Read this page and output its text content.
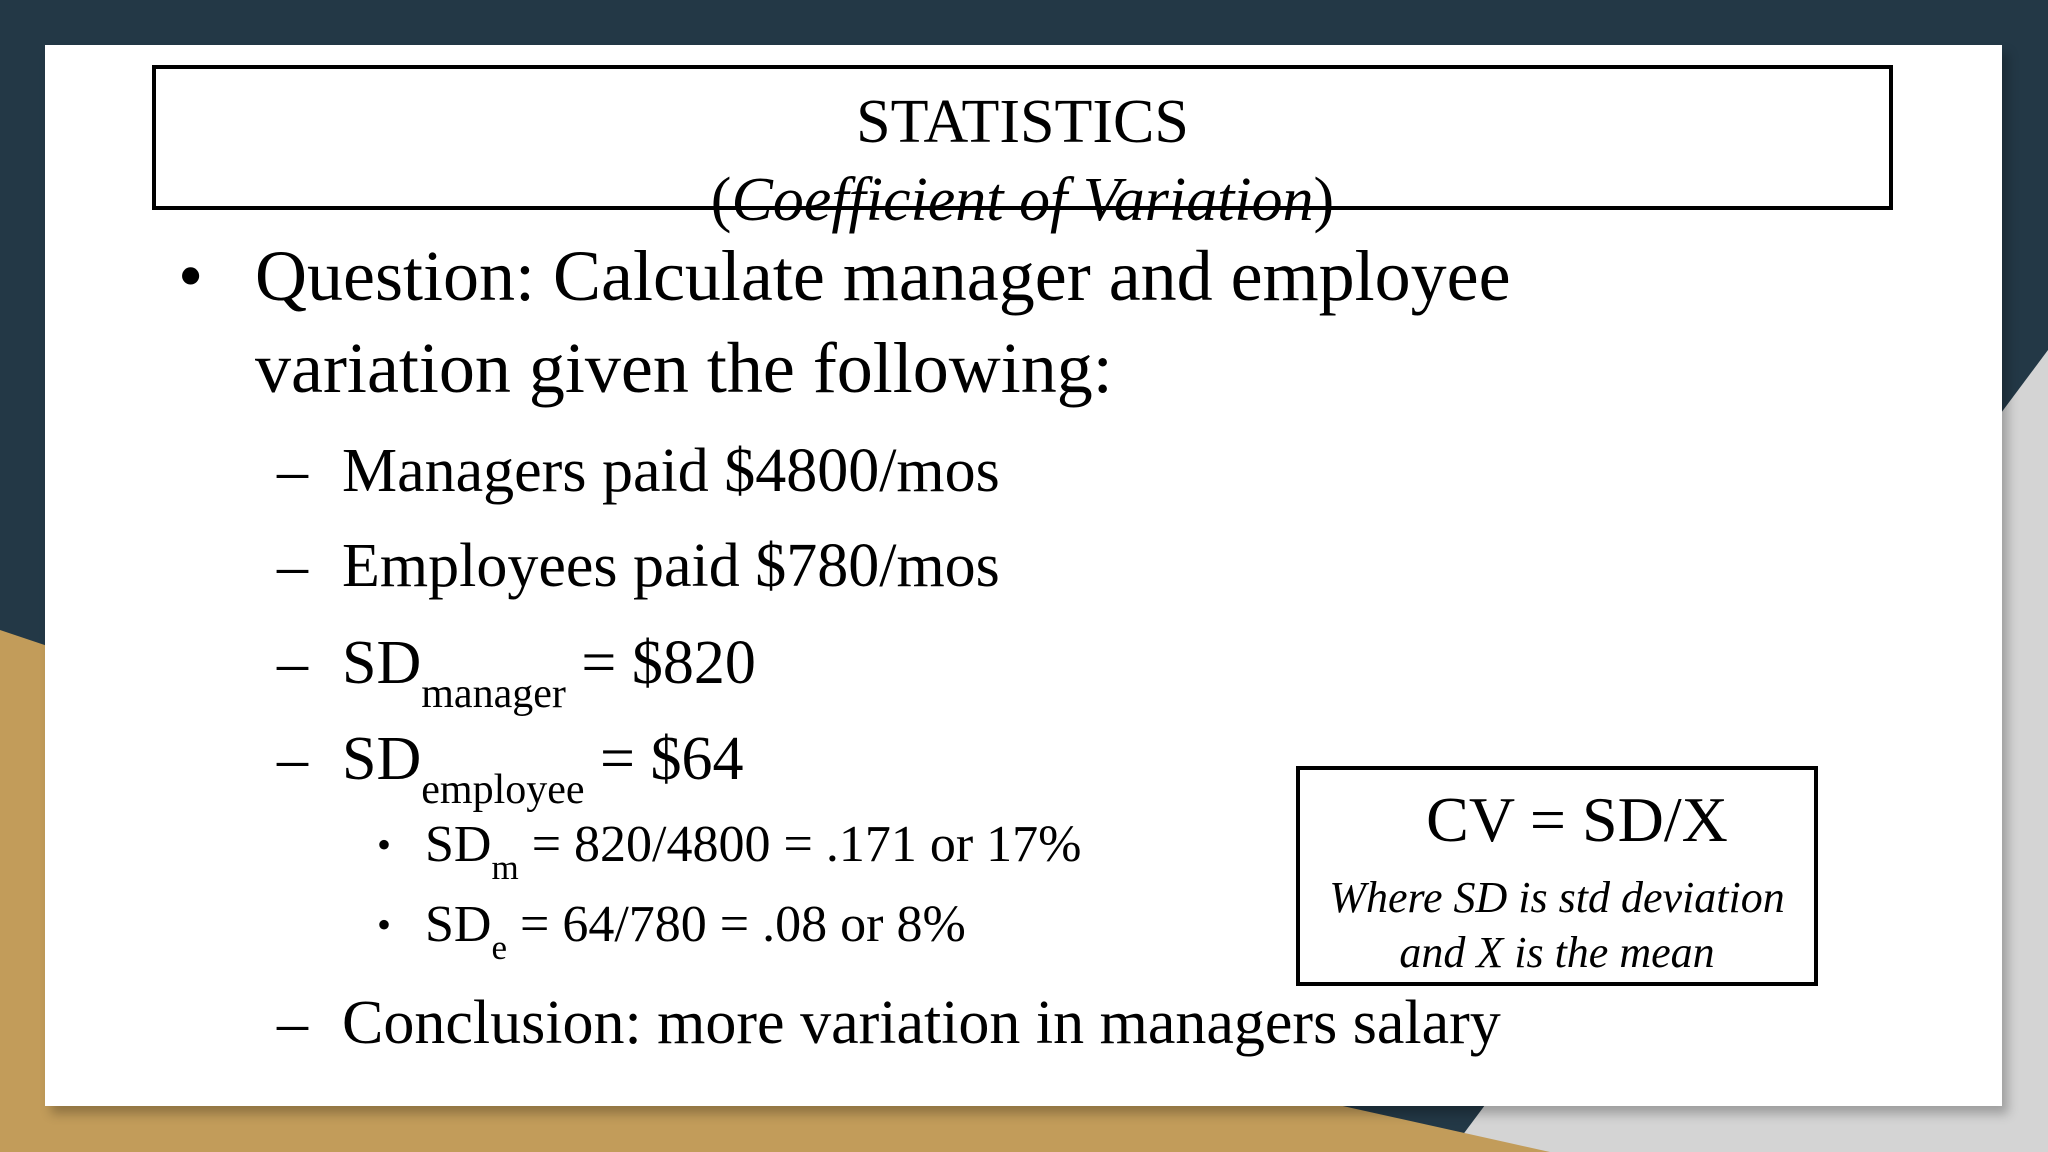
STATISTICS
(Coefficient of Variation)
• Question: Calculate manager and employee
variation given the following:
– Managers paid $4800/mos
– Employees paid $780/mos
– $SD_{manager}$ = $820
– $SD_{employee}$ = $64
• $SD_m = 820/4800 = .171$ or 17%
• $SD_e = 64/780 = .08$ or 8%
– Conclusion: more variation in managers salary
CV = SD/X
Where SD is std deviation
and X is the mean
